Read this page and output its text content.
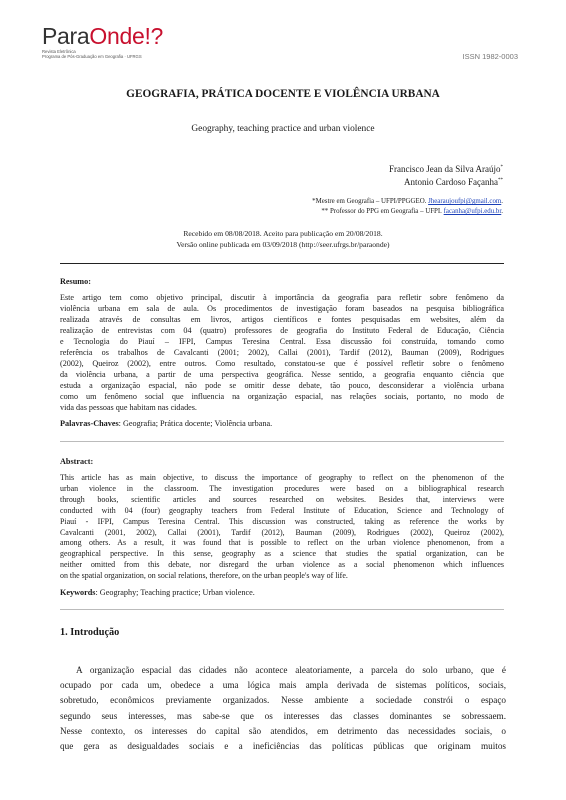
ParaOnde!?
Revista Eletrônica
Programa de Pós-Graduação em Geografia · UFRGS	ISSN 1982-0003
GEOGRAFIA, PRÁTICA DOCENTE E VIOLÊNCIA URBANA
Geography, teaching practice and urban violence
Francisco Jean da Silva Araújo*
Antonio Cardoso Façanha**
*Mestre em Geografia – UFPI/PPGGEO. Jhearaujoufpi@gmail.com.
** Professor do PPG em Geografia – UFPI. facanha@ufpi.edu.br.
Recebido em 08/08/2018. Aceito para publicação em 20/08/2018.
Versão online publicada em 03/09/2018 (http://seer.ufrgs.br/paraonde)
Resumo:
Este artigo tem como objetivo principal, discutir à importância da geografia para refletir sobre fenômeno da
violência urbana em sala de aula. Os procedimentos de investigação foram baseados na pesquisa bibliográfica
realizada através de consultas em livros, artigos científicos e fontes pesquisadas em websites, além da
realização de entrevistas com 04 (quatro) professores de geografia do Instituto Federal de Educação, Ciência
e Tecnologia do Piauí – IFPI, Campus Teresina Central. Essa discussão foi construída, tomando como
referência os trabalhos de Cavalcanti (2001; 2002), Callai (2001), Tardif (2012), Bauman (2009), Rodrigues
(2002), Queiroz (2002), entre outros. Como resultado, constatou-se que é possível refletir sobre o fenômeno
da violência urbana, a partir de uma perspectiva geográfica. Nesse sentido, a geografia enquanto ciência que
estuda a organização espacial, não pode se omitir desse debate, tão pouco, desconsiderar a violência urbana
como um fenômeno social que influencia na organização espacial, nas relações sociais, portanto, no modo de
vida das pessoas que habitam nas cidades.
Palavras-Chaves: Geografia; Prática docente; Violência urbana.
Abstract:
This article has as main objective, to discuss the importance of geography to reflect on the phenomenon of the
urban violence in the classroom. The investigation procedures were based on a bibliographical research
through books, scientific articles and sources researched on websites. Besides that, interviews were
conducted with 04 (four) geography teachers from Federal Institute of Education, Science and Technology of
Piauí - IFPI, Campus Teresina Central. This discussion was constructed, taking as reference the works by
Cavalcanti (2001, 2002), Callai (2001), Tardif (2012), Bauman (2009), Rodrigues (2002), Queiroz (2002),
among others. As a result, it was found that is possible to reflect on the urban violence phenomenon, from a
geographical perspective. In this sense, geography as a science that studies the spatial organization, can be
neither omitted from this debate, nor disregard the urban violence as a social phenomenon which influences
on the spatial organization, on social relations, therefore, on the urban people's way of life.
Keywords: Geography; Teaching practice; Urban violence.
1. Introdução
A organização espacial das cidades não acontece aleatoriamente, a parcela do solo urbano, que é
ocupado por cada um, obedece a uma lógica mais ampla derivada de sistemas políticos, sociais,
sobretudo, econômicos previamente organizados. Nesse ambiente a sociedade constrói o espaço
segundo seus interesses, mas sabe-se que os interesses das classes dominantes se sobressaem.
Nesse contexto, os interesses do capital são atendidos, em detrimento das necessidades sociais, o
que gera as desigualdades sociais e a ineficiências das políticas públicas que originam muitos
